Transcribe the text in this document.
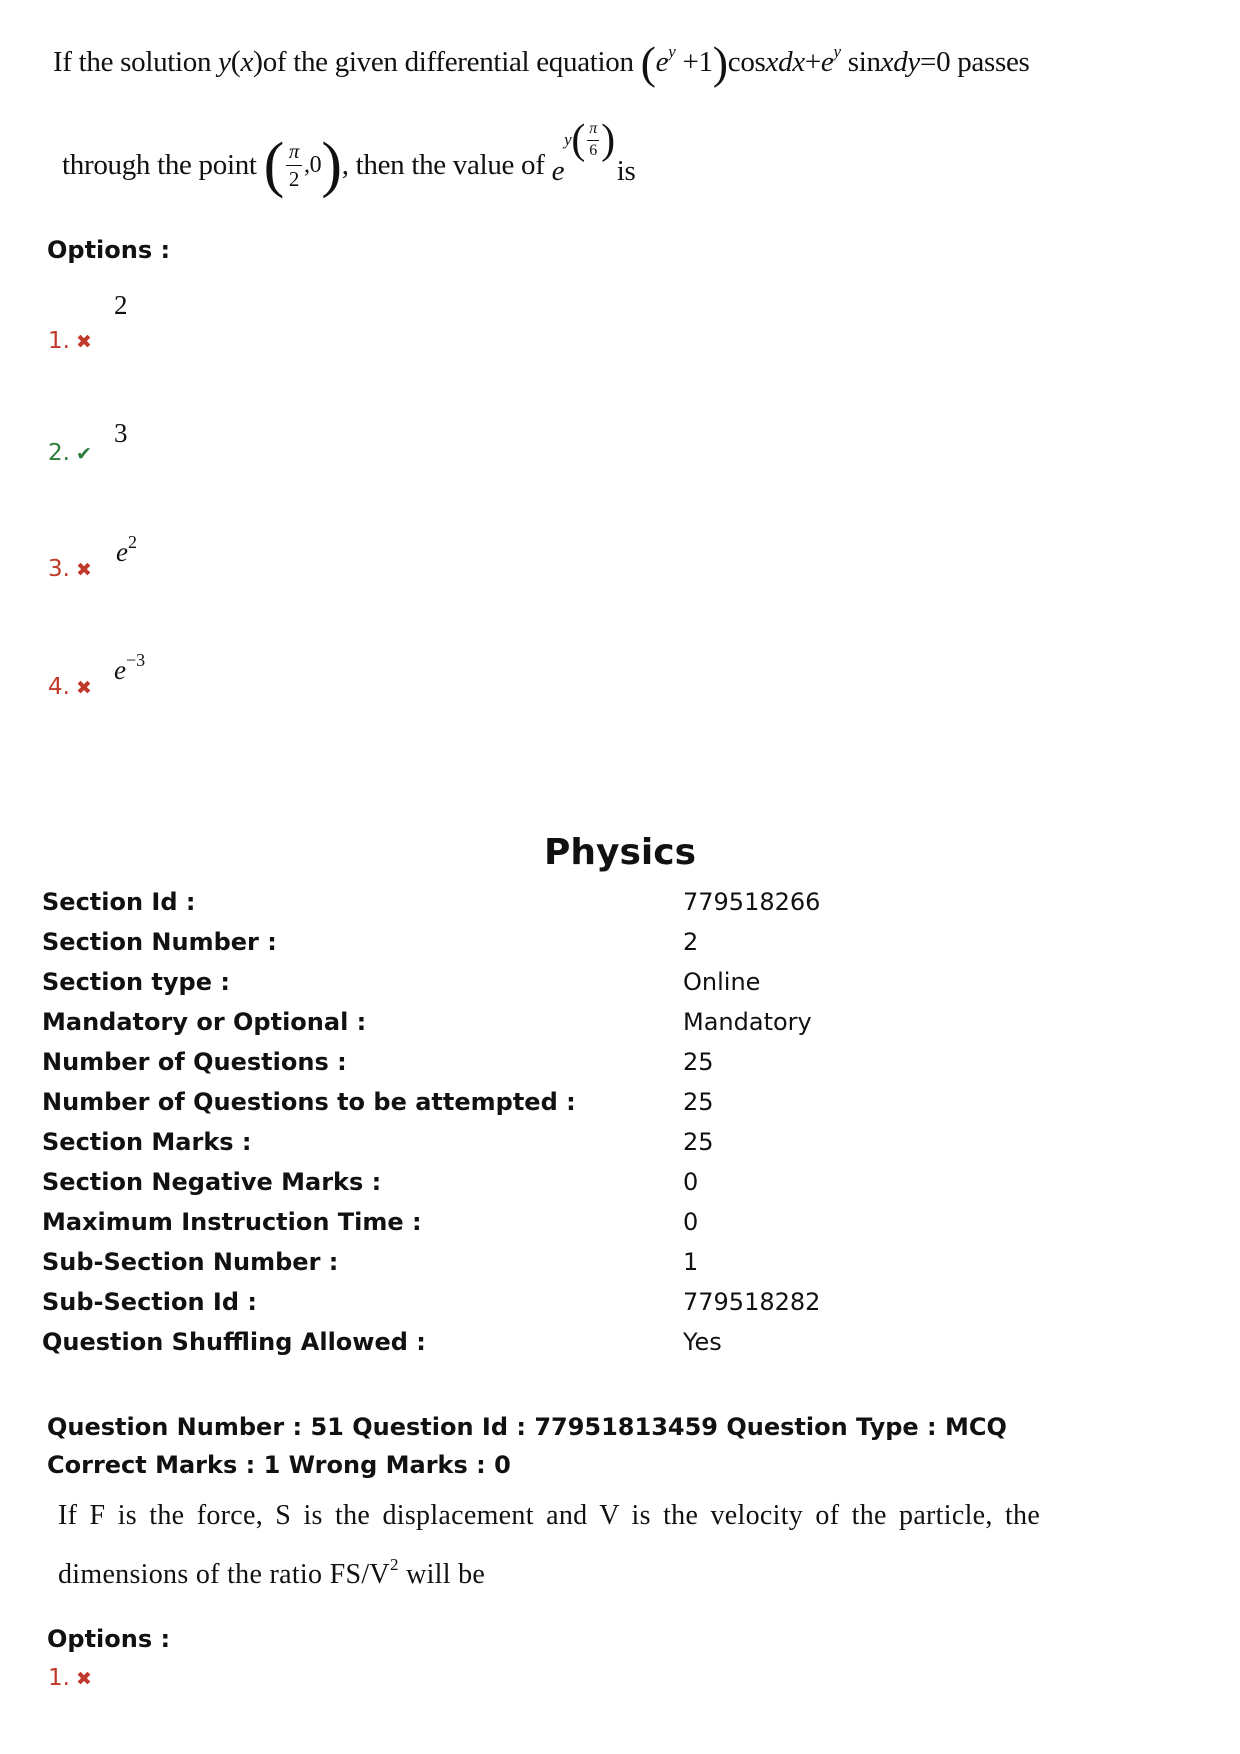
If the solution y(x)of the given differential equation ($e^y$ $+1)cosxdx+e^y$ sinxdy=0 passes
through the point
( $\frac{\pi}{2} ,0$ ) , then the value of
e
y ( $\frac{\pi}{6}$ )
is
Options :
2
1. ✖
3
2. ✔
$e^2$
3. ✖
$e^{-3}$
4. ✖
Physics
Section Id :	779518266
Section Number :	2
Section type :	Online
Mandatory or Optional :	Mandatory
Number of Questions :	25
Number of Questions to be attempted :	25
Section Marks :	25
Section Negative Marks :	0
Maximum Instruction Time :	0
Sub-Section Number :	1
Sub-Section Id :	779518282
Question Shuffling Allowed :	Yes
Question Number : 51 Question Id : 77951813459 Question Type : MCQ
Correct Marks : 1 Wrong Marks : 0
If F is the force, S is the displacement and V is the velocity of the particle, the
dimensions of the ratio $FS/V^2$ will be
Options :
1. ✖
